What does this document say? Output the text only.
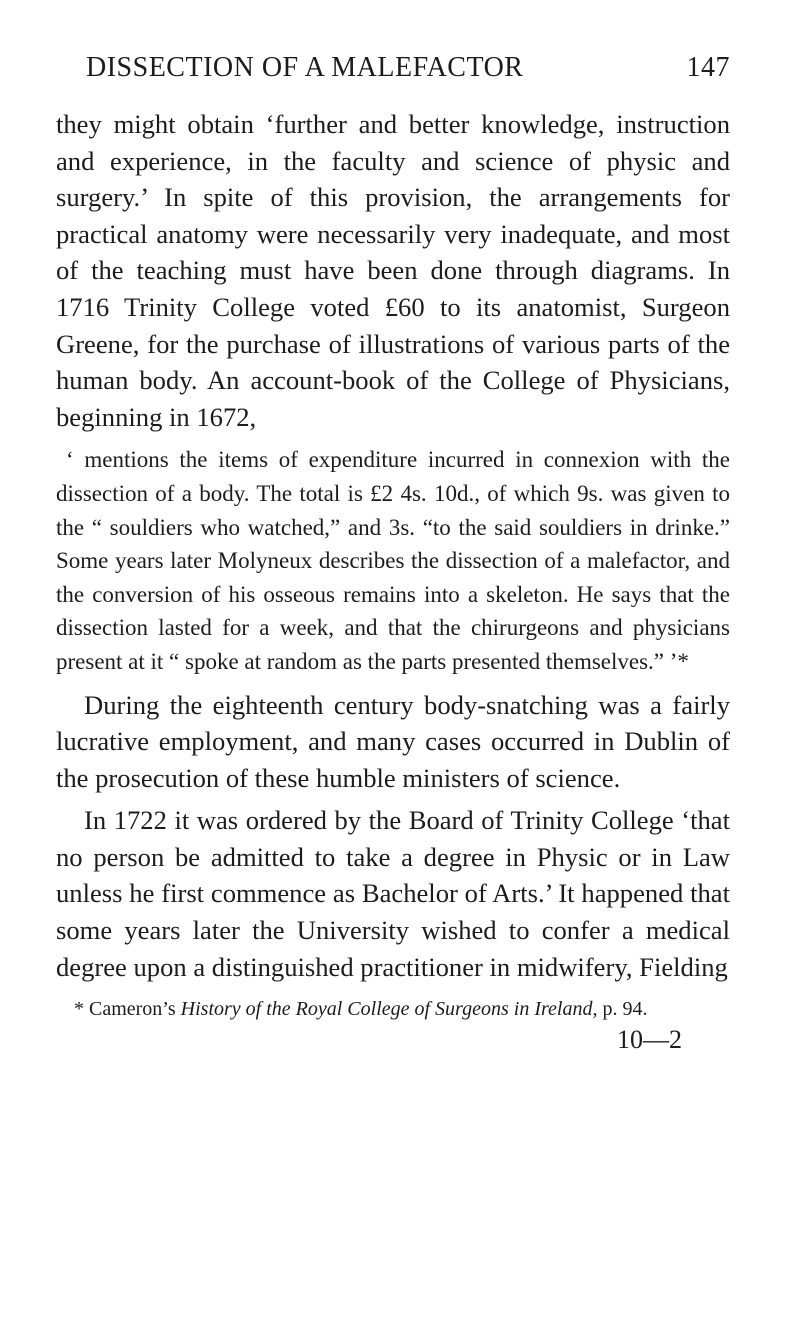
DISSECTION OF A MALEFACTOR	147

they might obtain ‘further and better knowledge, instruction and experience, in the faculty and science of physic and surgery.’ In spite of this provision, the arrangements for practical anatomy were necessarily very inadequate, and most of the teaching must have been done through diagrams. In 1716 Trinity College voted £60 to its anatomist, Surgeon Greene, for the purchase of illustrations of various parts of the human body. An account-book of the College of Physicians, beginning in 1672,

‘ mentions the items of expenditure incurred in connexion with the dissection of a body. The total is £2 4s. 10d., of which 9s. was given to the “ souldiers who watched,” and 3s. “to the said souldiers in drinke.” Some years later Molyneux describes the dissection of a malefactor, and the conversion of his osseous remains into a skeleton. He says that the dissection lasted for a week, and that the chirurgeons and physicians present at it “ spoke at random as the parts presented themselves.” ’*

During the eighteenth century body-snatching was a fairly lucrative employment, and many cases occurred in Dublin of the prosecution of these humble ministers of science.

In 1722 it was ordered by the Board of Trinity College ‘that no person be admitted to take a degree in Physic or in Law unless he first commence as Bachelor of Arts.’ It happened that some years later the University wished to confer a medical degree upon a distinguished practitioner in midwifery, Fielding

* Cameron’s History of the Royal College of Surgeons in Ireland, p. 94.
10—2
